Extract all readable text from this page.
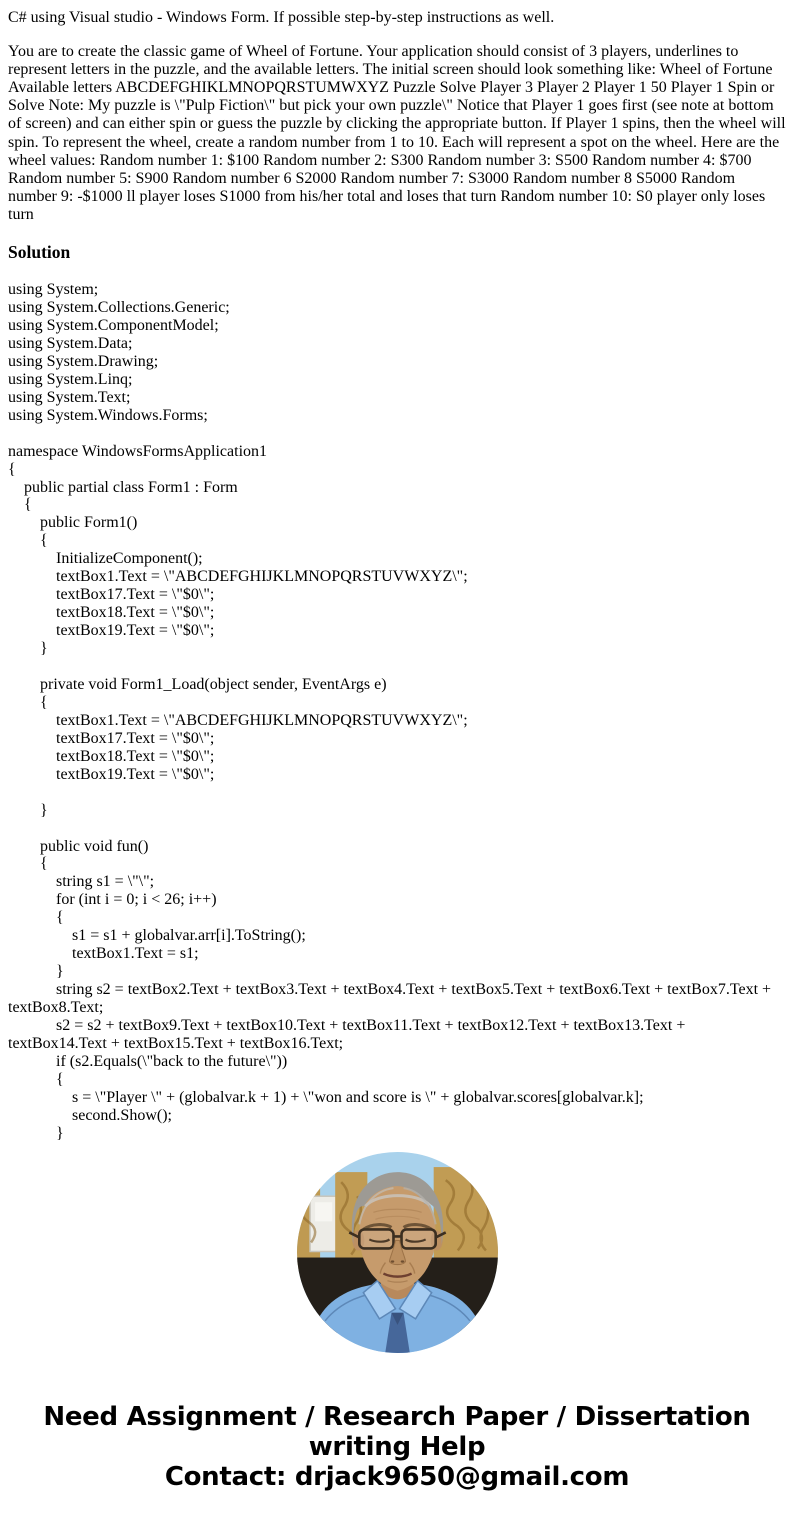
C# using Visual studio - Windows Form. If possible step-by-step instructions as well.

You are to create the classic game of Wheel of Fortune. Your application should consist of 3 players, underlines to represent letters in the puzzle, and the available letters. The initial screen should look something like: Wheel of Fortune Available letters ABCDEFGHIKLMNOPQRSTUMWXYZ Puzzle Solve Player 3 Player 2 Player 1 50 Player 1 Spin or Solve Note: My puzzle is \"Pulp Fiction\" but pick your own puzzle\" Notice that Player 1 goes first (see note at bottom of screen) and can either spin or guess the puzzle by clicking the appropriate button. If Player 1 spins, then the wheel will spin. To represent the wheel, create a random number from 1 to 10. Each will represent a spot on the wheel. Here are the wheel values: Random number 1: $100 Random number 2: S300 Random number 3: S500 Random number 4: $700 Random number 5: S900 Random number 6 S2000 Random number 7: S3000 Random number 8 S5000 Random number 9: -$1000 ll player loses S1000 from his/her total and loses that turn Random number 10: S0 player only loses turn

Solution
using System;
using System.Collections.Generic;
using System.ComponentModel;
using System.Data;
using System.Drawing;
using System.Linq;
using System.Text;
using System.Windows.Forms;
namespace WindowsFormsApplication1
{
public partial class Form1 : Form
{
public Form1()
{
InitializeComponent();
textBox1.Text = \"ABCDEFGHIJKLMNOPQRSTUVWXYZ\";
textBox17.Text = \"$0\";
textBox18.Text = \"$0\";
textBox19.Text = \"$0\";
}
private void Form1_Load(object sender, EventArgs e)
{
textBox1.Text = \"ABCDEFGHIJKLMNOPQRSTUVWXYZ\";
textBox17.Text = \"$0\";
textBox18.Text = \"$0\";
textBox19.Text = \"$0\";
}
public void fun()
{
string s1 = \"\";
for (int i = 0; i < 26; i++)
{
s1 = s1 + globalvar.arr[i].ToString();
textBox1.Text = s1;
}
string s2 = textBox2.Text + textBox3.Text + textBox4.Text + textBox5.Text + textBox6.Text + textBox7.Text +
textBox8.Text;
s2 = s2 + textBox9.Text + textBox10.Text + textBox11.Text + textBox12.Text + textBox13.Text +
textBox14.Text + textBox15.Text + textBox16.Text;
if (s2.Equals(\"back to the future\"))
{
s = \"Player \" + (globalvar.k + 1) + \"won and score is \" + globalvar.scores[globalvar.k];
second.Show();
}
Need Assignment / Research Paper / Dissertation
writing Help
Contact: drjack9650@gmail.com
